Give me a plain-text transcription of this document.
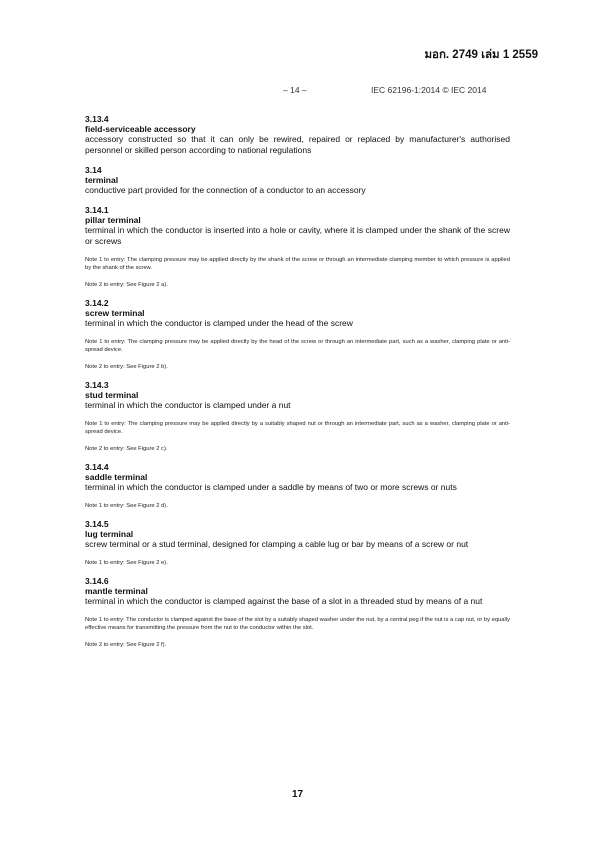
มอก. 2749 เล่ม 1 2559
– 14 –	IEC 62196-1:2014 © IEC 2014
3.13.4
field-serviceable accessory
accessory constructed so that it can only be rewired, repaired or replaced by manufacturer's authorised personnel or skilled person according to national regulations
3.14
terminal
conductive part provided for the connection of a conductor to an accessory
3.14.1
pillar terminal
terminal in which the conductor is inserted into a hole or cavity, where it is clamped under the shank of the screw or screws
Note 1 to entry: The clamping pressure may be applied directly by the shank of the screw or through an intermediate clamping member to which pressure is applied by the shank of the screw.
Note 2 to entry: See Figure 2 a).
3.14.2
screw terminal
terminal in which the conductor is clamped under the head of the screw
Note 1 to entry: The clamping pressure may be applied directly by the head of the screw or through an intermediate part, such as a washer, clamping plate or anti-spread device.
Note 2 to entry: See Figure 2 b).
3.14.3
stud terminal
terminal in which the conductor is clamped under a nut
Note 1 to entry: The clamping pressure may be applied directly by a suitably shaped nut or through an intermediate part, such as a washer, clamping plate or anti-spread device.
Note 2 to entry: See Figure 2 c).
3.14.4
saddle terminal
terminal in which the conductor is clamped under a saddle by means of two or more screws or nuts
Note 1 to entry: See Figure 2 d).
3.14.5
lug terminal
screw terminal or a stud terminal, designed for clamping a cable lug or bar by means of a screw or nut
Note 1 to entry: See Figure 2 e).
3.14.6
mantle terminal
terminal in which the conductor is clamped against the base of a slot in a threaded stud by means of a nut
Note 1 to entry: The conductor is clamped against the base of the slot by a suitably shaped washer under the nut, by a central peg if the nut is a cap nut, or by equally effective means for transmitting the pressure from the nut to the conductor within the slot.
Note 2 to entry: See Figure 2 f).
17
